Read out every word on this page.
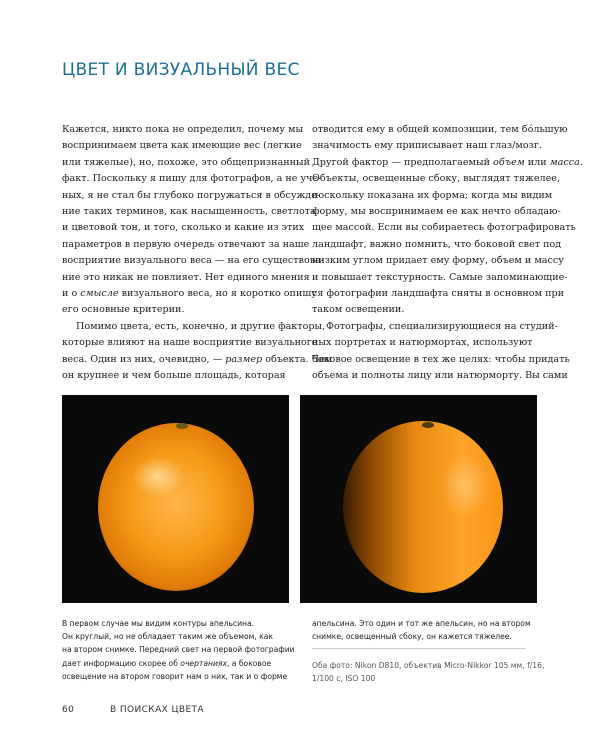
ЦВЕТ И ВИЗУАЛЬНЫЙ ВЕС

Кажется, никто пока не определил, почему мы
воспринимаем цвета как имеющие вес (легкие
или тяжелые), но, похоже, это общепризнанный
факт. Поскольку я пишу для фотографов, а не уче-
ных, я не стал бы глубоко погружаться в обсужде-
ние таких терминов, как насыщенность, светлота
и цветовой тон, и того, сколько и какие из этих
параметров в первую очередь отвечают за наше
восприятие визуального веса — на его существова-
ние это никак не повлияет. Нет единого мнения
и о смысле визуального веса, но я коротко опишу
его основные критерии.

Помимо цвета, есть, конечно, и другие факторы,
которые влияют на наше восприятие визуального
веса. Один из них, очевидно, — размер объекта. Чем
он крупнее и чем больше площадь, которая

отводится ему в общей композиции, тем бо́льшую
значимость ему приписывает наш глаз/мозг.
Другой фактор — предполагаемый объем или масса.
Объекты, освещенные сбоку, выглядят тяжелее,
поскольку показана их форма; когда мы видим
форму, мы воспринимаем ее как нечто обладаю-
щее массой. Если вы собираетесь фотографировать
ландшафт, важно помнить, что боковой свет под
низким углом придает ему форму, объем и массу
и повышает текстурность. Самые запоминающие-
ся фотографии ландшафта сняты в основном при
таком освещении.

Фотографы, специализирующиеся на студий-
ных портретах и натюрмортах, используют
боковое освещение в тех же целях: чтобы придать
объема и полноты лицу или натюрморту. Вы сами

В первом случае мы видим контуры апельсина.
Он круглый, но не обладает таким же объемом, как
на втором снимке. Передний свет на первой фотографии
дает информацию скорее об очертаниях, а боковое
освещение на втором говорит нам о них, так и о форме
апельсина. Это один и тот же апельсин, но на втором
снимке, освещенный сбоку, он кажется тяжелее.
Оба фото: Nikon D810, объектив Micro-Nikkor 105 мм, f/16,
1/100 с, ISO 100
60	В ПОИСКАХ ЦВЕТА
